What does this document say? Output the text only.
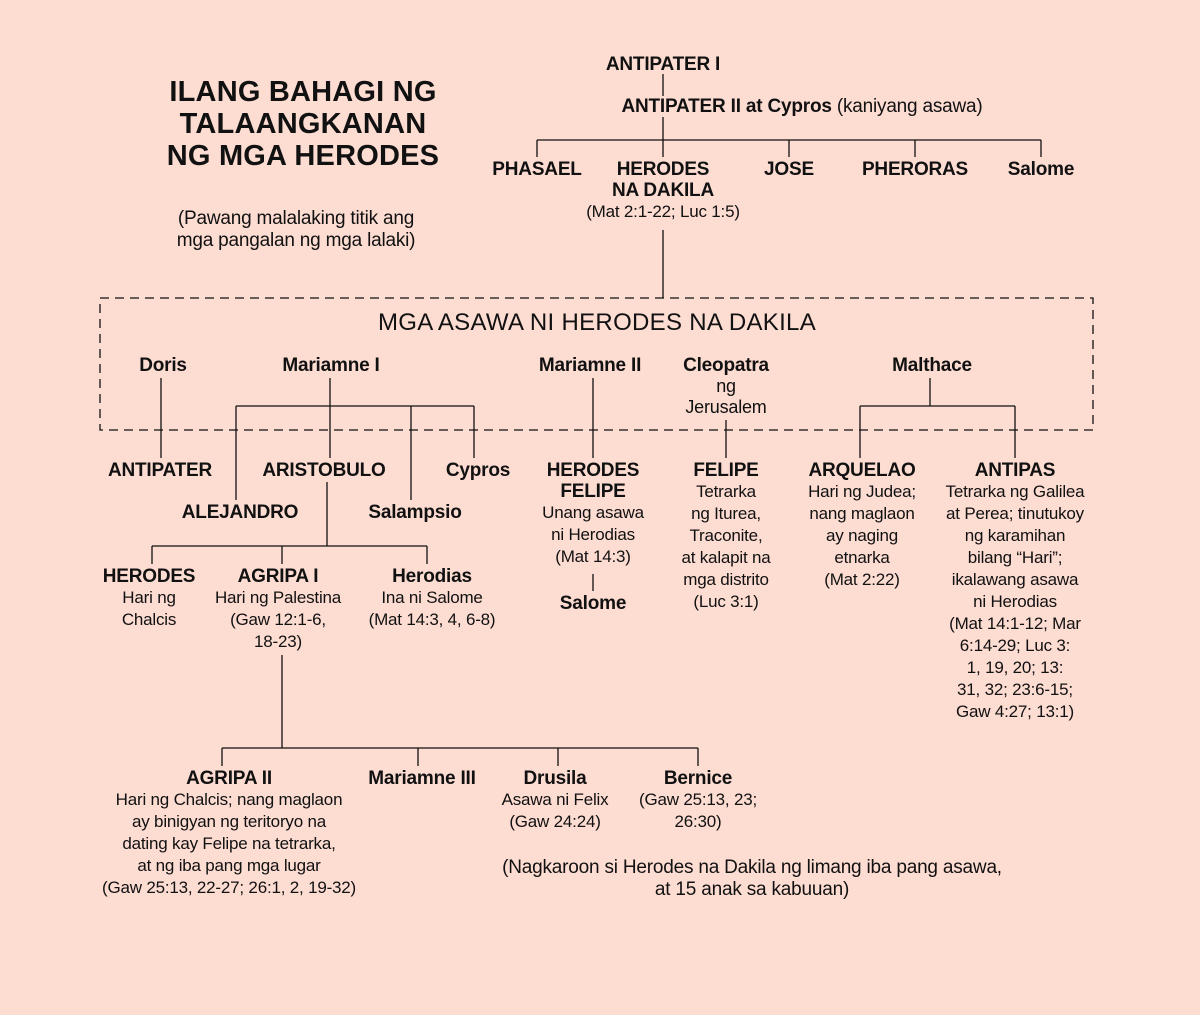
ILANG BAHAGI NG
TALAANGKANAN
NG MGA HERODES
(Pawang malalaking titik ang
mga pangalan ng mga lalaki)
ANTIPATER I
ANTIPATER II at Cypros (kaniyang asawa)
PHASAEL	HERODES
NA DAKILA
(Mat 2:1-22; Luc 1:5)
JOSE	PHERORAS Salome
MGA ASAWA NI HERODES NA DAKILA
Doris	Mariamne I	Mariamne II Cleopatra
ng
Jerusalem
Malthace
ANTIPATER	ARISTOBULO	Cypros
ALEJANDRO	Salampsio
HERODES
FELIPE
Unang asawa
ni Herodias
(Mat 14:3)
Salome
FELIPE
Tetrarka
ng Iturea,
Traconite,
at kalapit na
mga distrito
(Luc 3:1)
ARQUELAO
Hari ng Judea;
nang maglaon
ay naging
etnarka
(Mat 2:22)
ANTIPAS
Tetrarka ng Galilea
at Perea; tinutukoy
ng karamihan
bilang “Hari”;
ikalawang asawa
ni Herodias
(Mat 14:1-12; Mar
6:14-29; Luc 3:
1, 19, 20; 13:
31, 32; 23:6-15;
Gaw 4:27; 13:1)
HERODES
Hari ng
Chalcis
AGRIPA I
Hari ng Palestina
(Gaw 12:1-6,
18-23)
Herodias
Ina ni Salome
(Mat 14:3, 4, 6-8)
AGRIPA II
Hari ng Chalcis; nang maglaon
ay binigyan ng teritoryo na
dating kay Felipe na tetrarka,
at ng iba pang mga lugar
(Gaw 25:13, 22-27; 26:1, 2, 19-32)
Mariamne III	Drusila
Asawa ni Felix
(Gaw 24:24)
Bernice
(Gaw 25:13, 23;
26:30)
(Nagkaroon si Herodes na Dakila ng limang iba pang asawa,
at 15 anak sa kabuuan)
